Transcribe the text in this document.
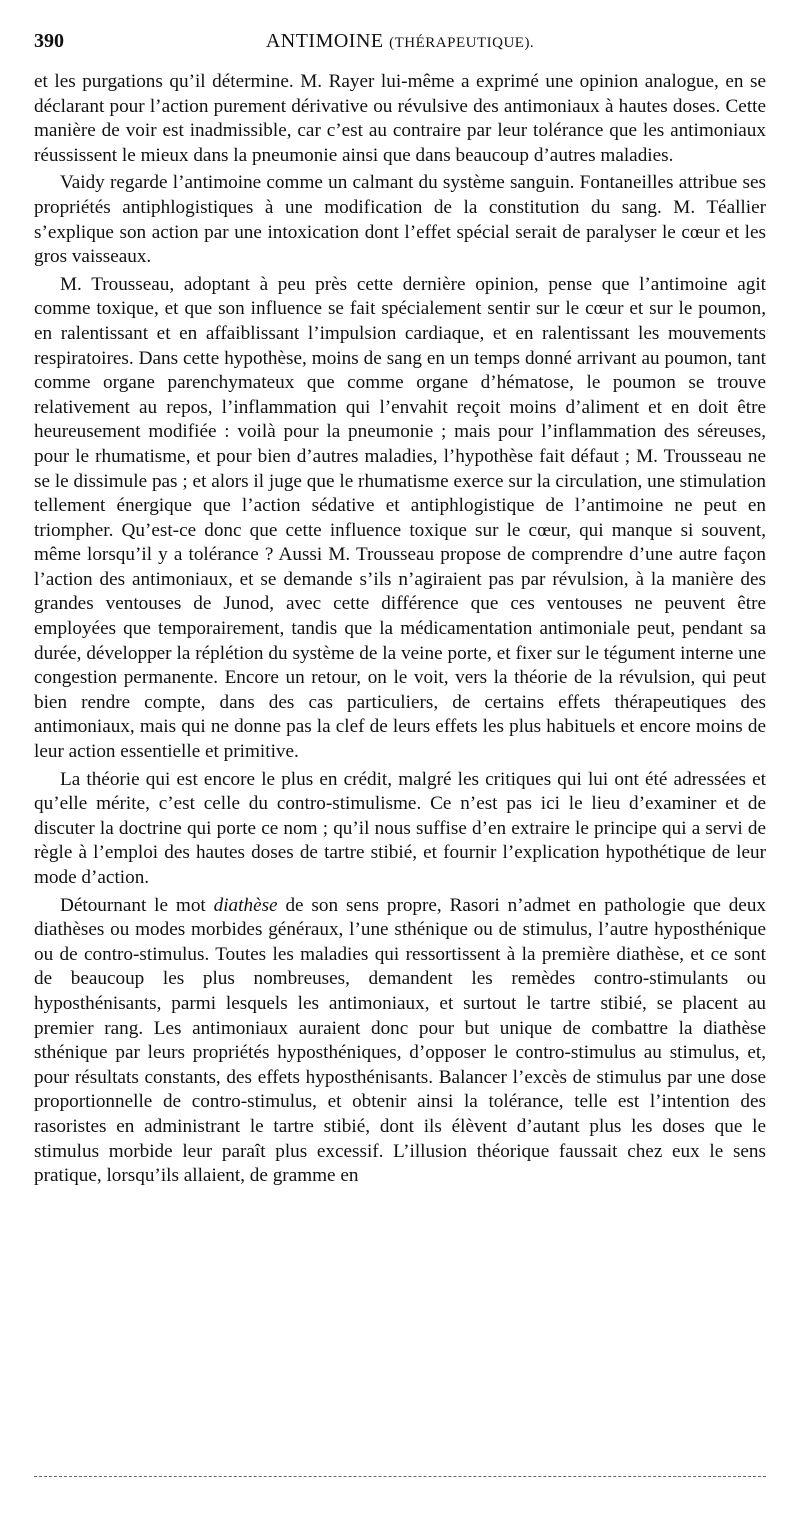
390	ANTIMOINE (THÉRAPEUTIQUE).

et les purgations qu’il détermine. M. Rayer lui-même a exprimé une opinion analogue, en se déclarant pour l’action purement dérivative ou révulsive des antimoniaux à hautes doses. Cette manière de voir est inadmissible, car c’est au contraire par leur tolérance que les antimoniaux réussissent le mieux dans la pneumonie ainsi que dans beaucoup d’autres maladies.

Vaidy regarde l’antimoine comme un calmant du système sanguin. Fontaneilles attribue ses propriétés antiphlogistiques à une modification de la constitution du sang. M. Téallier s’explique son action par une intoxication dont l’effet spécial serait de paralyser le cœur et les gros vaisseaux.

M. Trousseau, adoptant à peu près cette dernière opinion, pense que l’antimoine agit comme toxique, et que son influence se fait spécialement sentir sur le cœur et sur le poumon, en ralentissant et en affaiblissant l’impulsion cardiaque, et en ralentissant les mouvements respiratoires. Dans cette hypothèse, moins de sang en un temps donné arrivant au poumon, tant comme organe parenchymateux que comme organe d’hématose, le poumon se trouve relativement au repos, l’inflammation qui l’envahit reçoit moins d’aliment et en doit être heureusement modifiée : voilà pour la pneumonie ; mais pour l’inflammation des séreuses, pour le rhumatisme, et pour bien d’autres maladies, l’hypothèse fait défaut ; M. Trousseau ne se le dissimule pas ; et alors il juge que le rhumatisme exerce sur la circulation, une stimulation tellement énergique que l’action sédative et antiphlogistique de l’antimoine ne peut en triompher. Qu’est-ce donc que cette influence toxique sur le cœur, qui manque si souvent, même lorsqu’il y a tolérance ? Aussi M. Trousseau propose de comprendre d’une autre façon l’action des antimoniaux, et se demande s’ils n’agiraient pas par révulsion, à la manière des grandes ventouses de Junod, avec cette différence que ces ventouses ne peuvent être employées que temporairement, tandis que la médicamentation antimoniale peut, pendant sa durée, développer la réplétion du système de la veine porte, et fixer sur le tégument interne une congestion permanente. Encore un retour, on le voit, vers la théorie de la révulsion, qui peut bien rendre compte, dans des cas particuliers, de certains effets thérapeutiques des antimoniaux, mais qui ne donne pas la clef de leurs effets les plus habituels et encore moins de leur action essentielle et primitive.

La théorie qui est encore le plus en crédit, malgré les critiques qui lui ont été adressées et qu’elle mérite, c’est celle du contro-stimulisme. Ce n’est pas ici le lieu d’examiner et de discuter la doctrine qui porte ce nom ; qu’il nous suffise d’en extraire le principe qui a servi de règle à l’emploi des hautes doses de tartre stibié, et fournir l’explication hypothétique de leur mode d’action.

Détournant le mot diathèse de son sens propre, Rasori n’admet en pathologie que deux diathèses ou modes morbides généraux, l’une sthénique ou de stimulus, l’autre hyposthénique ou de contro-stimulus. Toutes les maladies qui ressortissent à la première diathèse, et ce sont de beaucoup les plus nombreuses, demandent les remèdes contro-stimulants ou hyposthénisants, parmi lesquels les antimoniaux, et surtout le tartre stibié, se placent au premier rang. Les antimoniaux auraient donc pour but unique de combattre la diathèse sthénique par leurs propriétés hyposthéniques, d’opposer le contro-stimulus au stimulus, et, pour résultats constants, des effets hyposthénisants. Balancer l’excès de stimulus par une dose proportionnelle de contro-stimulus, et obtenir ainsi la tolérance, telle est l’intention des rasoristes en administrant le tartre stibié, dont ils élèvent d’autant plus les doses que le stimulus morbide leur paraît plus excessif. L’illusion théorique faussait chez eux le sens pratique, lorsqu’ils allaient, de gramme en
